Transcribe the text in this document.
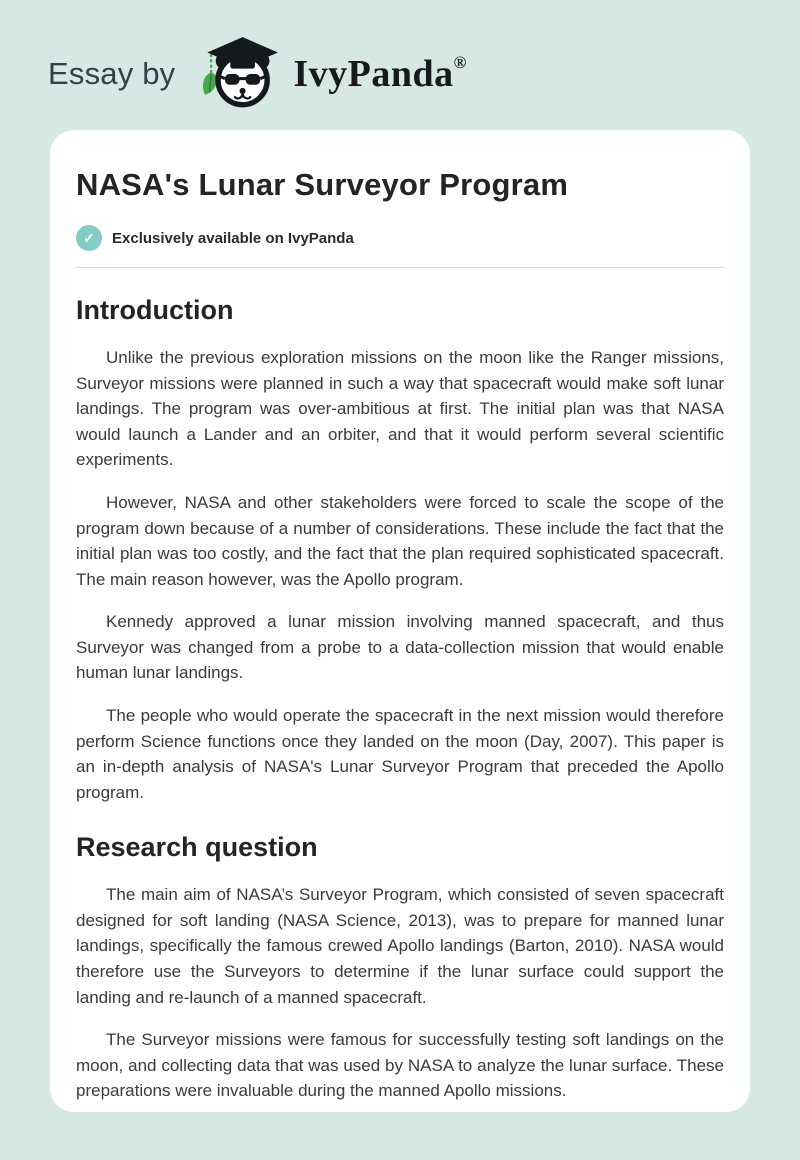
Essay by	IvyPanda®
NASA's Lunar Surveyor Program
✓	Exclusively available on IvyPanda
Introduction

Unlike the previous exploration missions on the moon like the Ranger missions, Surveyor missions were planned in such a way that spacecraft would make soft lunar landings. The program was over-ambitious at first. The initial plan was that NASA would launch a Lander and an orbiter, and that it would perform several scientific experiments.

However, NASA and other stakeholders were forced to scale the scope of the program down because of a number of considerations. These include the fact that the initial plan was too costly, and the fact that the plan required sophisticated spacecraft. The main reason however, was the Apollo program.

Kennedy approved a lunar mission involving manned spacecraft, and thus Surveyor was changed from a probe to a data-collection mission that would enable human lunar landings.

The people who would operate the spacecraft in the next mission would therefore perform Science functions once they landed on the moon (Day, 2007). This paper is an in-depth analysis of NASA's Lunar Surveyor Program that preceded the Apollo program.

Research question

The main aim of NASA’s Surveyor Program, which consisted of seven spacecraft designed for soft landing (NASA Science, 2013), was to prepare for manned lunar landings, specifically the famous crewed Apollo landings (Barton, 2010). NASA would therefore use the Surveyors to determine if the lunar surface could support the landing and re-launch of a manned spacecraft.

The Surveyor missions were famous for successfully testing soft landings on the moon, and collecting data that was used by NASA to analyze the lunar surface. These preparations were invaluable during the manned Apollo missions.
